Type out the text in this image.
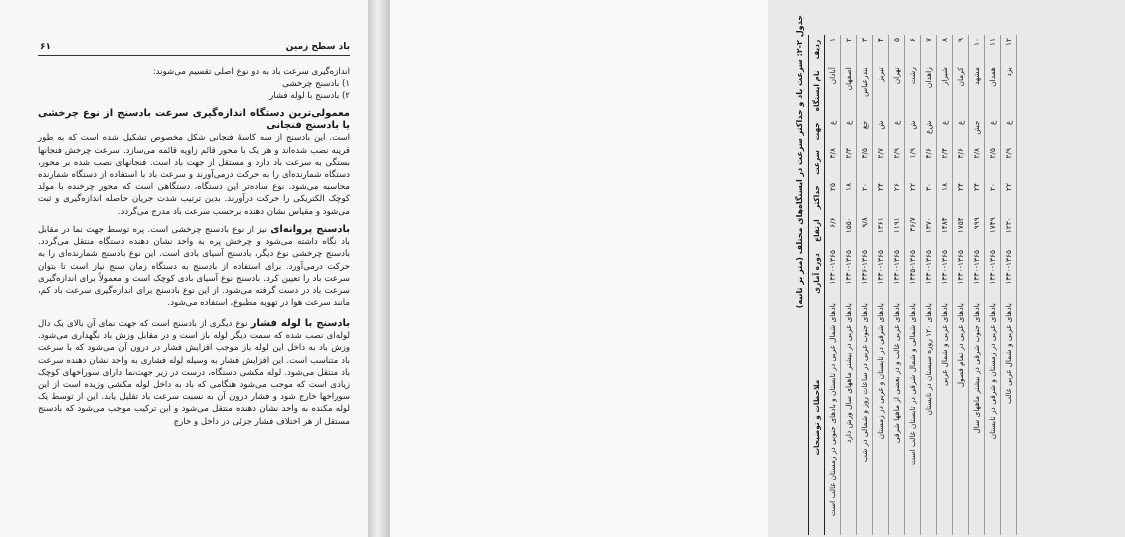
باد سطح زمین
۶۱
اندازه‌گیری سرعت باد به دو نوع اصلی تقسیم می‌شوند:
۱) بادسنج چرخشی
۲) بادسنج با لوله فشار
معمولی‌ترین دستگاه اندازه‌گیری سرعت بادسنج از نوع چرخشی یا بادسنج فنجانی
است. این بادسنج از سه کاسهٔ فنجانی شکل مخصوص تشکیل شده است که به طور قرینه نصب شده‌اند و هر یک با محور قائم زاویه قائمه می‌سازد. سرعت چرخش فنجانها بستگی به سرعت باد دارد و مستقل از جهت باد است. فنجانهای نصب شده بر محور، دستگاه شمارنده‌ای را به حرکت درمی‌آورند و سرعت باد با استفاده از دستگاه شمارنده محاسبه می‌شود. نوع ساده‌تر این دستگاه، دستگاهی است که محور چرخنده با مولد کوچک الکتریکی را حرکت درآورند. بدین ترتیب شدت جریان حاصله اندازه‌گیری و ثبت می‌شود و مقیاس نشان دهنده برحسب سرعت باد مدرج می‌گردد.
بادسنج پروانه‌ای نیز از نوع بادسنج چرخشی است. پره توسط جهت نما در مقابل باد نگاه داشته می‌شود و چرخش پره به واحد نشان دهنده دستگاه منتقل می‌گردد. بادسنج چرخشی نوع دیگر، بادسنج آسیای بادی است. این نوع بادسنج شمارنده‌ای را به حرکت درمی‌آورد. برای استفاده از بادسنج به دستگاه زمان سنج نیاز است تا بتوان سرعت باد را تعیین کرد. بادسنج نوع آسیای بادی کوچک است و معمولاً برای اندازه‌گیری سرعت باد در دست گرفته می‌شود. از این نوع بادسنج برای اندازه‌گیری سرعت باد کم، مانند سرعت هوا در تهویه مطبوع، استفاده می‌شود.
بادسنج با لوله فشار نوع دیگری از بادسنج است که جهت نمای آن بالای یک دال لوله‌ای نصب شده که سمت دیگر لوله باز است و در مقابل وزش باد نگهداری می‌شود. وزش باد به داخل این لوله باز موجب افزایش فشار در درون آن می‌شود که با سرعت باد متناسب است. این افزایش فشار به وسیله لوله فشاری به واحد نشان دهنده سرعت باد منتقل می‌شود. لوله مکشی دستگاه، درست در زیر جهت‌نما دارای سوراخهای کوچک زیادی است که موجب می‌شود هنگامی که باد به داخل لوله مکشی وزیده است از این سوراخها خارج شود و فشار درون آن به نسبت سرعت باد تقلیل یابد. این از توسط یک لوله مکنده به واحد نشان دهنده منتقل می‌شود و این ترکیب موجب می‌شود که بادسنج مستقل از هر اختلاف فشار جزئی در داخل و خارج
جدول ۲-۲: سرعت باد و حداکثر سرعت در ایستگاه‌های مختلف (متر بر ثانیه)
ردیف	نام ایستگاه	جهت	سرعت	حداکثر	ارتفاع	دوره آماری	ملاحظات و توضیحات
۱	آبادان	غ	۳/۸	۲۵	۶/۶	۱۳۳۰-۱۳۶۵	بادهای شمال غربی در تابستان و بادهای جنوبی در زمستان غالب است
۲	اصفهان	غ	۲/۳	۱۸	۱۵۵۰	۱۳۳۰-۱۳۶۵	بادهای غربی در بیشتر ماههای سال وزش دارد
۳	بندرعباس	جغ	۳/۵	۲۰	۹/۸	۱۳۳۶-۱۳۶۵	بادهای جنوب غربی در ساعات روز و شمالی در شب
۴	تبریز	ش	۲/۷	۲۴	۱۳۶۱	۱۳۳۰-۱۳۶۵	بادهای شرقی در تابستان و غربی در زمستان
۵	تهران	غ	۲/۹	۲۶	۱۱۹۱	۱۳۳۰-۱۳۶۵	بادهای غربی غالب و در بعضی از ماهها شرقی
۶	رشت	ش	۱/۹	۲۲	۳۶/۷	۱۳۳۵-۱۳۶۵	بادهای شمالی و شمال شرقی در تابستان غالب است
۷	زاهدان	ش‌غ	۴/۶	۳۰	۱۳۷۰	۱۳۳۰-۱۳۶۵	بادهای ۱۲۰ روزه سیستان در تابستان
۸	شیراز	غ	۲/۴	۱۸	۱۴۸۴	۱۳۳۰-۱۳۶۵	بادهای غربی و شمال غربی
۹	کرمان	غ	۳/۶	۲۴	۱۷۵۴	۱۳۳۰-۱۳۶۵	بادهای غربی در تمام فصول
۱۰	مشهد	جش	۲/۸	۲۴	۹۹۹	۱۳۳۰-۱۳۶۵	بادهای جنوب شرقی در بیشتر ماههای سال
۱۱	همدان	غ	۲/۵	۲۰	۱۷۴۹	۱۳۳۰-۱۳۶۵	بادهای غربی در زمستان و شرقی در تابستان
۱۲	یزد	غ	۲/۹	۲۲	۱۲۳۰	۱۳۳۰-۱۳۶۵	بادهای غربی و شمال غربی غالب
